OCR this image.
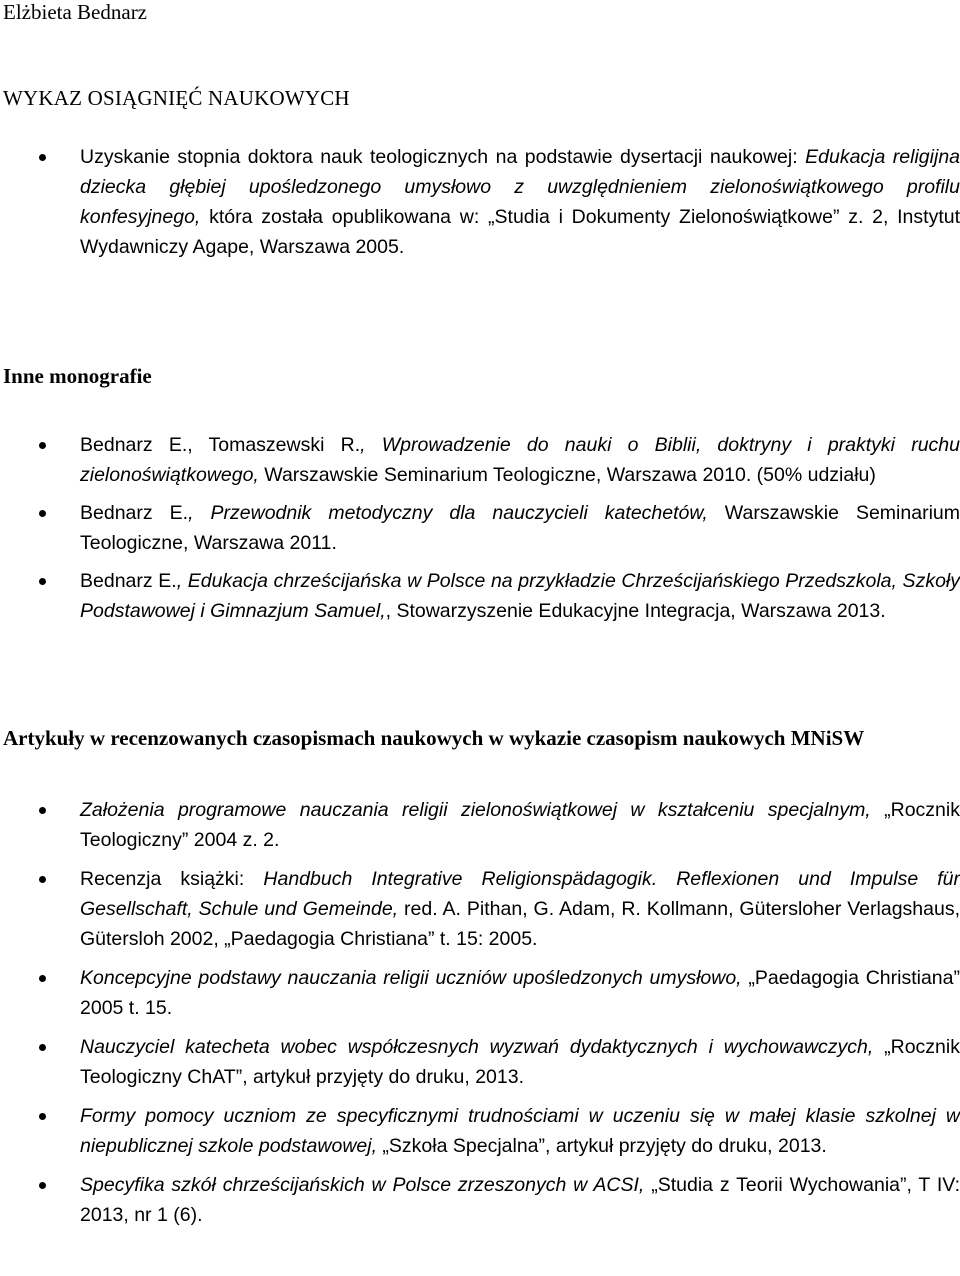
Elżbieta Bednarz
WYKAZ OSIĄGNIĘĆ NAUKOWYCH
Uzyskanie stopnia doktora nauk teologicznych na podstawie dysertacji naukowej: Edukacja religijna dziecka głębiej upośledzonego umysłowo z uwzględnieniem zielonoświątkowego profilu konfesyjnego, która została opublikowana w: „Studia i Dokumenty Zielonoświątkowe” z. 2, Instytut Wydawniczy Agape, Warszawa 2005.
Inne monografie
Bednarz E., Tomaszewski R., Wprowadzenie do nauki o Biblii, doktryny i praktyki ruchu zielonoświątkowego, Warszawskie Seminarium Teologiczne, Warszawa 2010. (50% udziału)
Bednarz E., Przewodnik metodyczny dla nauczycieli katechetów, Warszawskie Seminarium Teologiczne, Warszawa 2011.
Bednarz E., Edukacja chrześcijańska w Polsce na przykładzie Chrześcijańskiego Przedszkola, Szkoły Podstawowej i Gimnazjum Samuel,, Stowarzyszenie Edukacyjne Integracja, Warszawa 2013.
Artykuły w recenzowanych czasopismach naukowych w wykazie czasopism naukowych MNiSW
Założenia programowe nauczania religii zielonoświątkowej w kształceniu specjalnym, „Rocznik Teologiczny” 2004 z. 2.
Recenzja książki: Handbuch Integrative Religionspädagogik. Reflexionen und Impulse für Gesellschaft, Schule und Gemeinde, red. A. Pithan, G. Adam, R. Kollmann, Gütersloher Verlagshaus, Gütersloh 2002, „Paedagogia Christiana” t. 15: 2005.
Koncepcyjne podstawy nauczania religii uczniów upośledzonych umysłowo, „Paedagogia Christiana” 2005 t. 15.
Nauczyciel katecheta wobec współczesnych wyzwań dydaktycznych i wychowawczych, „Rocznik Teologiczny ChAT”, artykuł przyjęty do druku, 2013.
Formy pomocy uczniom ze specyficznymi trudnościami w uczeniu się w małej klasie szkolnej w niepublicznej szkole podstawowej, „Szkoła Specjalna”, artykuł przyjęty do druku, 2013.
Specyfika szkół chrześcijańskich w Polsce zrzeszonych w ACSI, „Studia z Teorii Wychowania”, T IV: 2013, nr 1 (6).
